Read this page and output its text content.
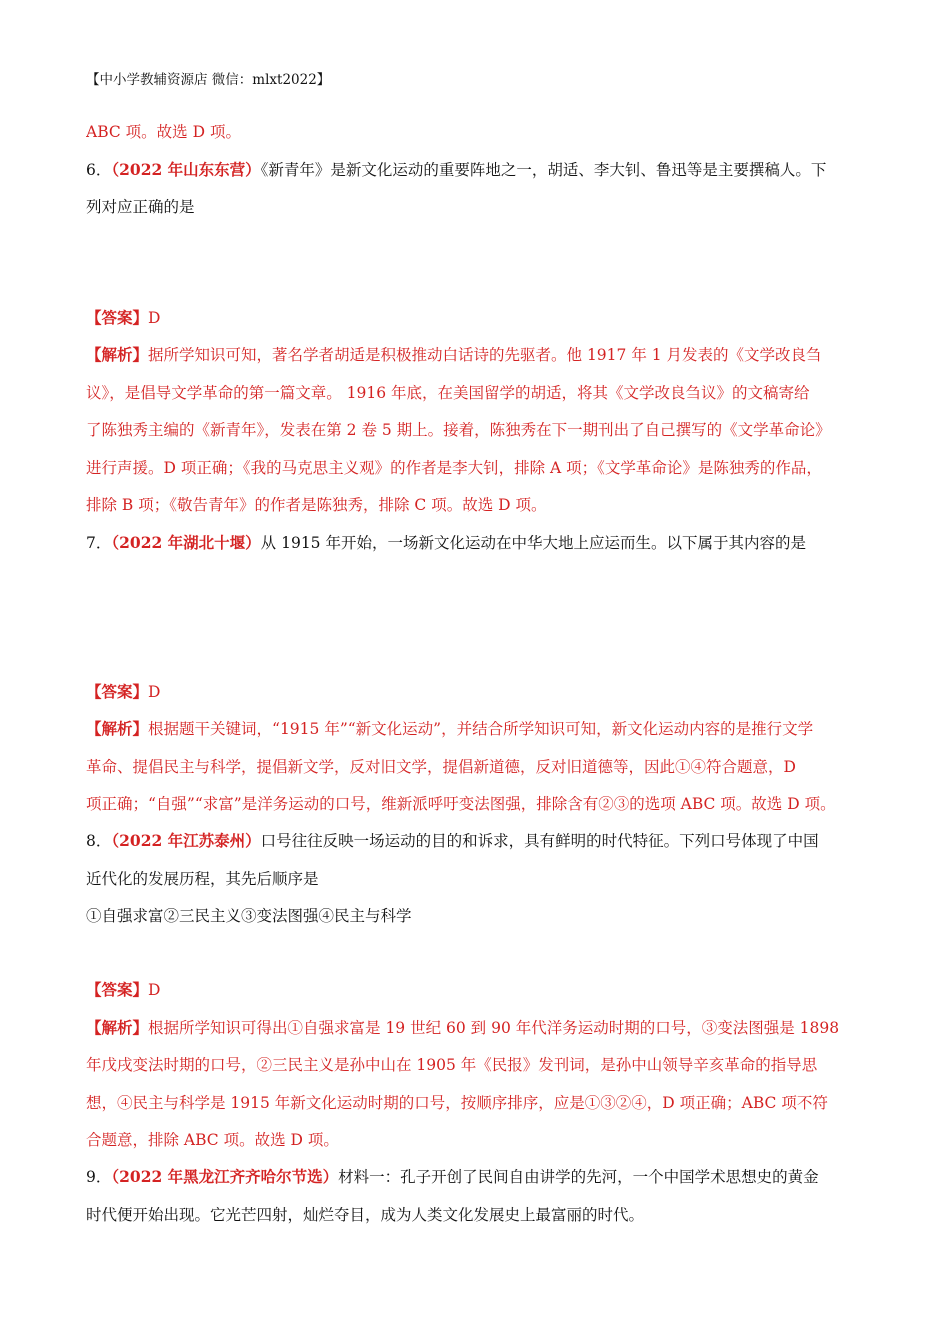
【中小学教辅资源店 微信：mlxt2022】
ABC 项。故选 D 项。
6．（2022 年山东东营）《新青年》是新文化运动的重要阵地之一，胡适、李大钊、鲁迅等是主要撰稿人。下
列对应正确的是
【答案】D
【解析】据所学知识可知，著名学者胡适是积极推动白话诗的先驱者。他 1917 年 1 月发表的《文学改良刍
议》，是倡导文学革命的第一篇文章。 1916 年底，在美国留学的胡适，将其《文学改良刍议》的文稿寄给
了陈独秀主编的《新青年》，发表在第 2 卷 5 期上。接着，陈独秀在下一期刊出了自己撰写的《文学革命论》
进行声援。D 项正确；《我的马克思主义观》的作者是李大钊，排除 A 项；《文学革命论》是陈独秀的作品，
排除 B 项；《敬告青年》的作者是陈独秀，排除 C 项。故选 D 项。
7．（2022 年湖北十堰）从 1915 年开始，一场新文化运动在中华大地上应运而生。以下属于其内容的是
【答案】D
【解析】根据题干关键词，“1915 年”“新文化运动”，并结合所学知识可知，新文化运动内容的是推行文学
革命、提倡民主与科学，提倡新文学，反对旧文学，提倡新道德，反对旧道德等，因此①④符合题意，D
项正确；“自强”“求富”是洋务运动的口号，维新派呼吁变法图强，排除含有②③的选项 ABC 项。故选 D 项。
8．（2022 年江苏泰州）口号往往反映一场运动的目的和诉求，具有鲜明的时代特征。下列口号体现了中国
近代化的发展历程，其先后顺序是
①自强求富②三民主义③变法图强④民主与科学
【答案】D
【解析】根据所学知识可得出①自强求富是 19 世纪 60 到 90 年代洋务运动时期的口号，③变法图强是 1898
年戊戌变法时期的口号，②三民主义是孙中山在 1905 年《民报》发刊词，是孙中山领导辛亥革命的指导思
想，④民主与科学是 1915 年新文化运动时期的口号，按顺序排序，应是①③②④，D 项正确；ABC 项不符
合题意，排除 ABC 项。故选 D 项。
9．（2022 年黑龙江齐齐哈尔节选）材料一：孔子开创了民间自由讲学的先河，一个中国学术思想史的黄金
时代便开始出现。它光芒四射，灿烂夺目，成为人类文化发展史上最富丽的时代。
